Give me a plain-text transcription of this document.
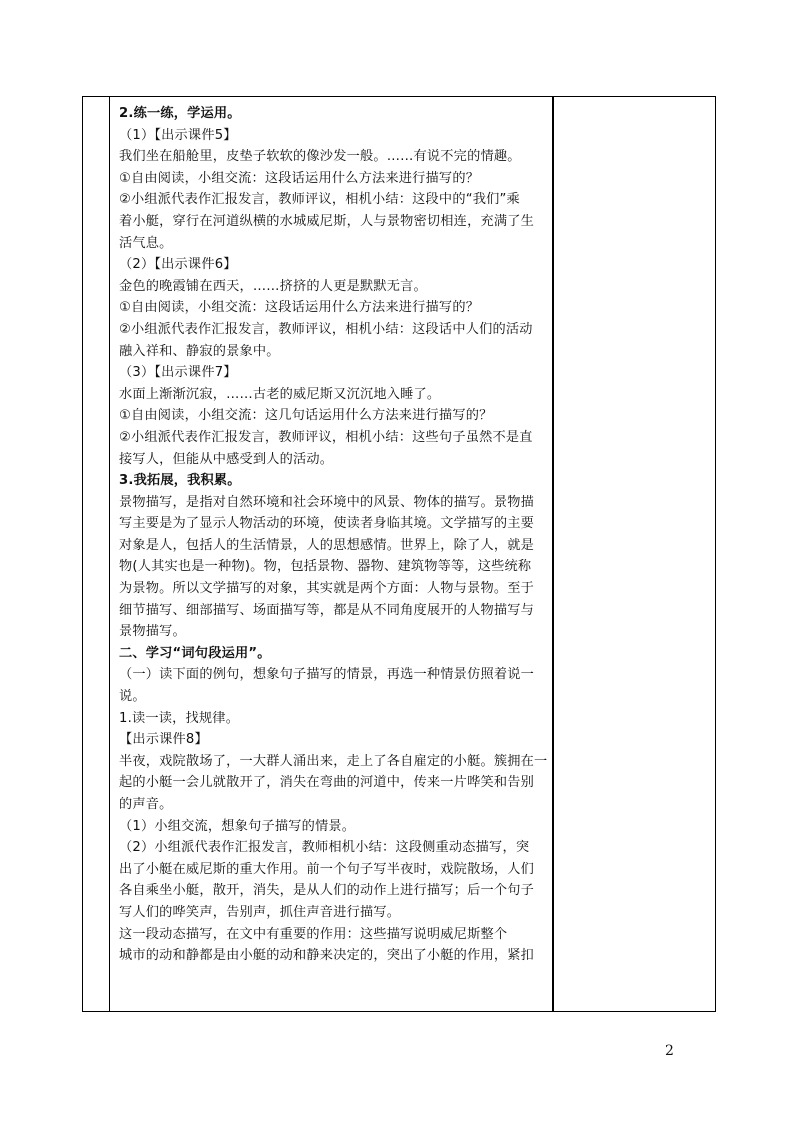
2.练一练，学运用。
（1）【出示课件5】
我们坐在船舱里，皮垫子软软的像沙发一般。……有说不完的情趣。
①自由阅读，小组交流：这段话运用什么方法来进行描写的？
②小组派代表作汇报发言，教师评议，相机小结：这段中的“我们”乘
着小艇，穿行在河道纵横的水城威尼斯，人与景物密切相连，充满了生
活气息。
（2）【出示课件6】
金色的晚霞铺在西天，……挤挤的人更是默默无言。
①自由阅读，小组交流：这段话运用什么方法来进行描写的？
②小组派代表作汇报发言，教师评议，相机小结：这段话中人们的活动
融入祥和、静寂的景象中。
（3）【出示课件7】
水面上渐渐沉寂，……古老的威尼斯又沉沉地入睡了。
①自由阅读，小组交流：这几句话运用什么方法来进行描写的？
②小组派代表作汇报发言，教师评议，相机小结：这些句子虽然不是直
接写人，但能从中感受到人的活动。
3.我拓展，我积累。
景物描写，是指对自然环境和社会环境中的风景、物体的描写。景物描
写主要是为了显示人物活动的环境，使读者身临其境。文学描写的主要
对象是人，包括人的生活情景，人的思想感情。世界上，除了人，就是
物(人其实也是一种物)。物，包括景物、器物、建筑物等等，这些统称
为景物。所以文学描写的对象，其实就是两个方面：人物与景物。至于
细节描写、细部描写、场面描写等，都是从不同角度展开的人物描写与
景物描写。
二、学习“词句段运用”。
（一）读下面的例句，想象句子描写的情景，再选一种情景仿照着说一
说。
1.读一读，找规律。
【出示课件8】
半夜，戏院散场了，一大群人涌出来，走上了各自雇定的小艇。簇拥在一
起的小艇一会儿就散开了，消失在弯曲的河道中，传来一片哗笑和告别
的声音。
（1）小组交流，想象句子描写的情景。
（2）小组派代表作汇报发言，教师相机小结：这段侧重动态描写，突
出了小艇在威尼斯的重大作用。前一个句子写半夜时，戏院散场，人们
各自乘坐小艇，散开，消失，是从人们的动作上进行描写；后一个句子
写人们的哗笑声，告别声，抓住声音进行描写。
这一段动态描写，在文中有重要的作用：这些描写说明威尼斯整个
城市的动和静都是由小艇的动和静来决定的，突出了小艇的作用，紧扣
2
